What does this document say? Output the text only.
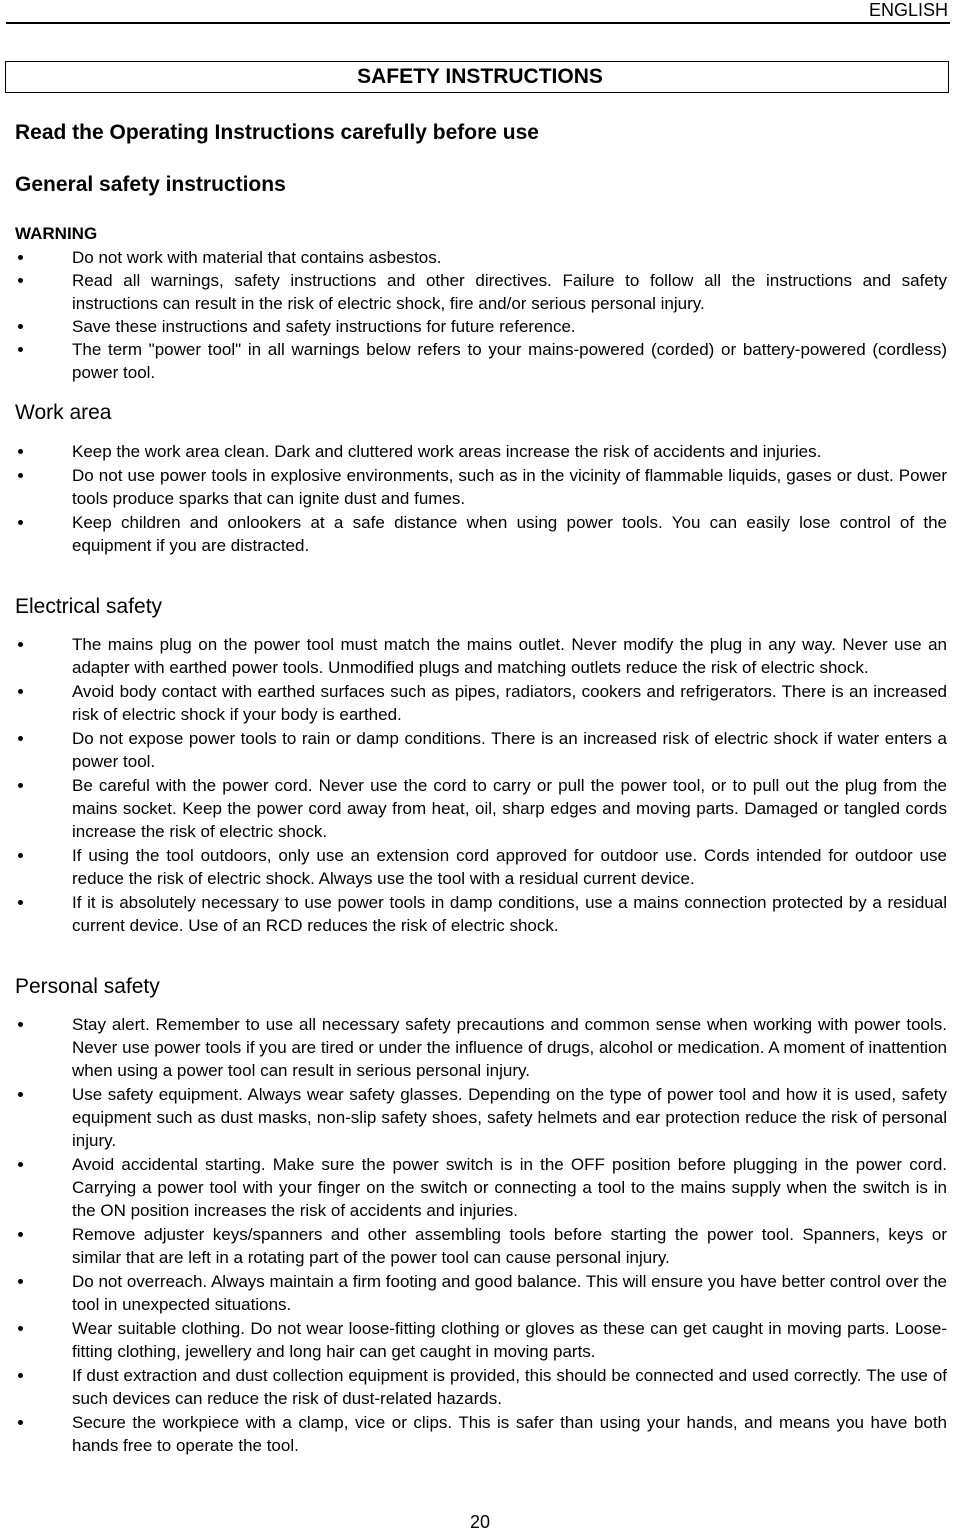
ENGLISH
SAFETY INSTRUCTIONS
Read the Operating Instructions carefully before use
General safety instructions
WARNING
Do not work with material that contains asbestos.
Read all warnings, safety instructions and other directives. Failure to follow all the instructions and safety instructions can result in the risk of electric shock, fire and/or serious personal injury.
Save these instructions and safety instructions for future reference.
The term "power tool" in all warnings below refers to your mains-powered (corded) or battery-powered (cordless) power tool.
Work area
Keep the work area clean. Dark and cluttered work areas increase the risk of accidents and injuries.
Do not use power tools in explosive environments, such as in the vicinity of flammable liquids, gases or dust. Power tools produce sparks that can ignite dust and fumes.
Keep children and onlookers at a safe distance when using power tools. You can easily lose control of the equipment if you are distracted.
Electrical safety
The mains plug on the power tool must match the mains outlet. Never modify the plug in any way. Never use an adapter with earthed power tools. Unmodified plugs and matching outlets reduce the risk of electric shock.
Avoid body contact with earthed surfaces such as pipes, radiators, cookers and refrigerators. There is an increased risk of electric shock if your body is earthed.
Do not expose power tools to rain or damp conditions. There is an increased risk of electric shock if water enters a power tool.
Be careful with the power cord. Never use the cord to carry or pull the power tool, or to pull out the plug from the mains socket. Keep the power cord away from heat, oil, sharp edges and moving parts. Damaged or tangled cords increase the risk of electric shock.
If using the tool outdoors, only use an extension cord approved for outdoor use. Cords intended for outdoor use reduce the risk of electric shock. Always use the tool with a residual current device.
If it is absolutely necessary to use power tools in damp conditions, use a mains connection protected by a residual current device. Use of an RCD reduces the risk of electric shock.
Personal safety
Stay alert. Remember to use all necessary safety precautions and common sense when working with power tools. Never use power tools if you are tired or under the influence of drugs, alcohol or medication. A moment of inattention when using a power tool can result in serious personal injury.
Use safety equipment. Always wear safety glasses. Depending on the type of power tool and how it is used, safety equipment such as dust masks, non-slip safety shoes, safety helmets and ear protection reduce the risk of personal injury.
Avoid accidental starting. Make sure the power switch is in the OFF position before plugging in the power cord. Carrying a power tool with your finger on the switch or connecting a tool to the mains supply when the switch is in the ON position increases the risk of accidents and injuries.
Remove adjuster keys/spanners and other assembling tools before starting the power tool. Spanners, keys or similar that are left in a rotating part of the power tool can cause personal injury.
Do not overreach. Always maintain a firm footing and good balance. This will ensure you have better control over the tool in unexpected situations.
Wear suitable clothing. Do not wear loose-fitting clothing or gloves as these can get caught in moving parts. Loose-fitting clothing, jewellery and long hair can get caught in moving parts.
If dust extraction and dust collection equipment is provided, this should be connected and used correctly. The use of such devices can reduce the risk of dust-related hazards.
Secure the workpiece with a clamp, vice or clips. This is safer than using your hands, and means you have both hands free to operate the tool.
20
